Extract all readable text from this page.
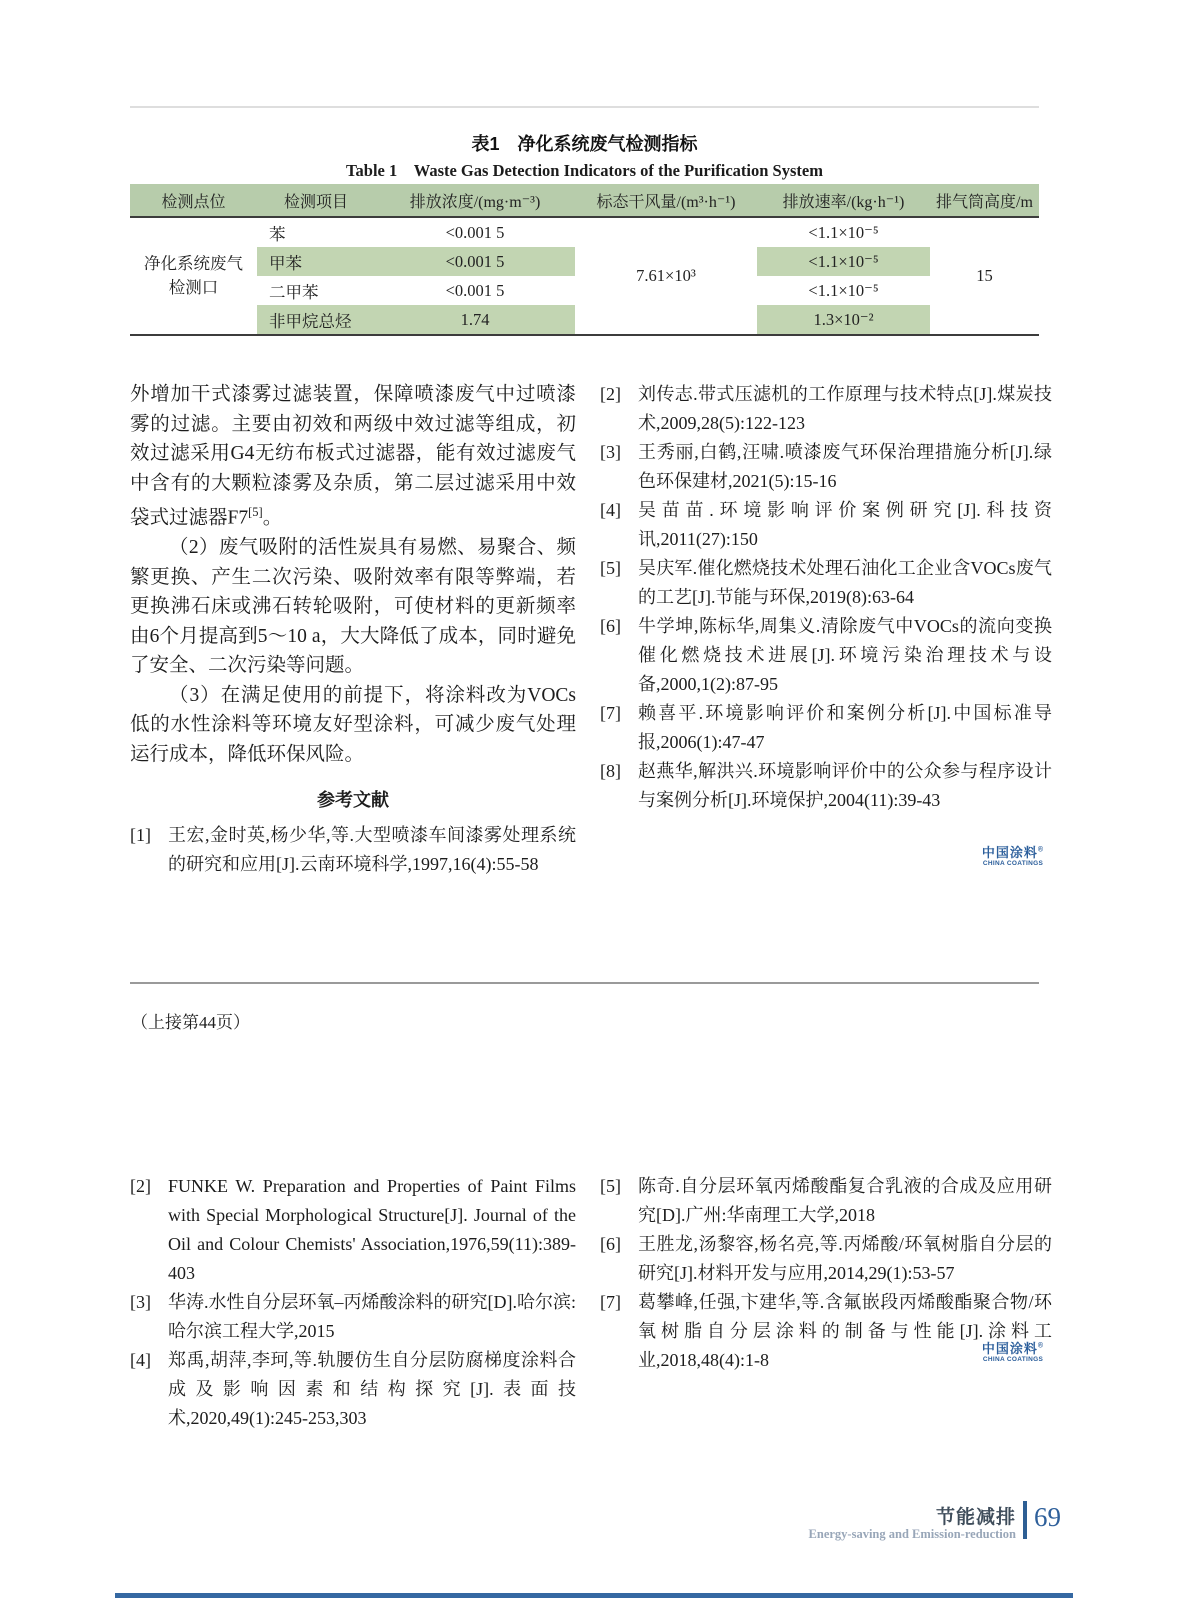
表1　净化系统废气检测指标
Table 1　Waste Gas Detection Indicators of the Purification System
检测点位	检测项目	排放浓度/(mg·m⁻³)	标态干风量/(m³·h⁻¹)	排放速率/(kg·h⁻¹)	排气筒高度/m
净化系统废气检测口	苯	<0.001 5	7.61×10³	<1.1×10⁻⁵	15
	甲苯	<0.001 5		<1.1×10⁻⁵	
	二甲苯	<0.001 5		<1.1×10⁻⁵	
	非甲烷总烃	1.74		1.3×10⁻²	

外增加干式漆雾过滤装置，保障喷漆废气中过喷漆雾的过滤。主要由初效和两级中效过滤等组成，初效过滤采用G4无纺布板式过滤器，能有效过滤废气中含有的大颗粒漆雾及杂质，第二层过滤采用中效袋式过滤器F7[5]。

（2）废气吸附的活性炭具有易燃、易聚合、频繁更换、产生二次污染、吸附效率有限等弊端，若更换沸石床或沸石转轮吸附，可使材料的更新频率由6个月提高到5～10 a，大大降低了成本，同时避免了安全、二次污染等问题。

（3）在满足使用的前提下，将涂料改为VOCs低的水性涂料等环境友好型涂料，可减少废气处理运行成本，降低环保风险。

参考文献
[1] 王宏,金时英,杨少华,等.大型喷漆车间漆雾处理系统的研究和应用[J].云南环境科学,1997,16(4):55-58
[2] 刘传志.带式压滤机的工作原理与技术特点[J].煤炭技术,2009,28(5):122-123
[3] 王秀丽,白鹤,汪啸.喷漆废气环保治理措施分析[J].绿色环保建材,2021(5):15-16
[4] 吴苗苗.环境影响评价案例研究[J].科技资讯,2011(27):150
[5] 吴庆军.催化燃烧技术处理石油化工企业含VOCs废气的工艺[J].节能与环保,2019(8):63-64
[6] 牛学坤,陈标华,周集义.清除废气中VOCs的流向变换催化燃烧技术进展[J].环境污染治理技术与设备,2000,1(2):87-95
[7] 赖喜平.环境影响评价和案例分析[J].中国标准导报,2006(1):47-47
[8] 赵燕华,解洪兴.环境影响评价中的公众参与程序设计与案例分析[J].环境保护,2004(11):39-43
中国涂料®
CHINA COATINGS
（上接第44页）
[2] FUNKE W. Preparation and Properties of Paint Films with Special Morphological Structure[J]. Journal of the Oil and Colour Chemists' Association,1976,59(11):389-403
[3] 华涛.水性自分层环氧–丙烯酸涂料的研究[D].哈尔滨:哈尔滨工程大学,2015
[4] 郑禹,胡萍,李珂,等.轨腰仿生自分层防腐梯度涂料合成及影响因素和结构探究[J].表面技术,2020,49(1):245-253,303
[5] 陈奇.自分层环氧丙烯酸酯复合乳液的合成及应用研究[D].广州:华南理工大学,2018
[6] 王胜龙,汤黎容,杨名亮,等.丙烯酸/环氧树脂自分层的研究[J].材料开发与应用,2014,29(1):53-57
[7] 葛攀峰,任强,卞建华,等.含氟嵌段丙烯酸酯聚合物/环氧树脂自分层涂料的制备与性能[J].涂料工业,2018,48(4):1-8
中国涂料®
CHINA COATINGS
节能减排
Energy-saving and Emission-reduction
69
